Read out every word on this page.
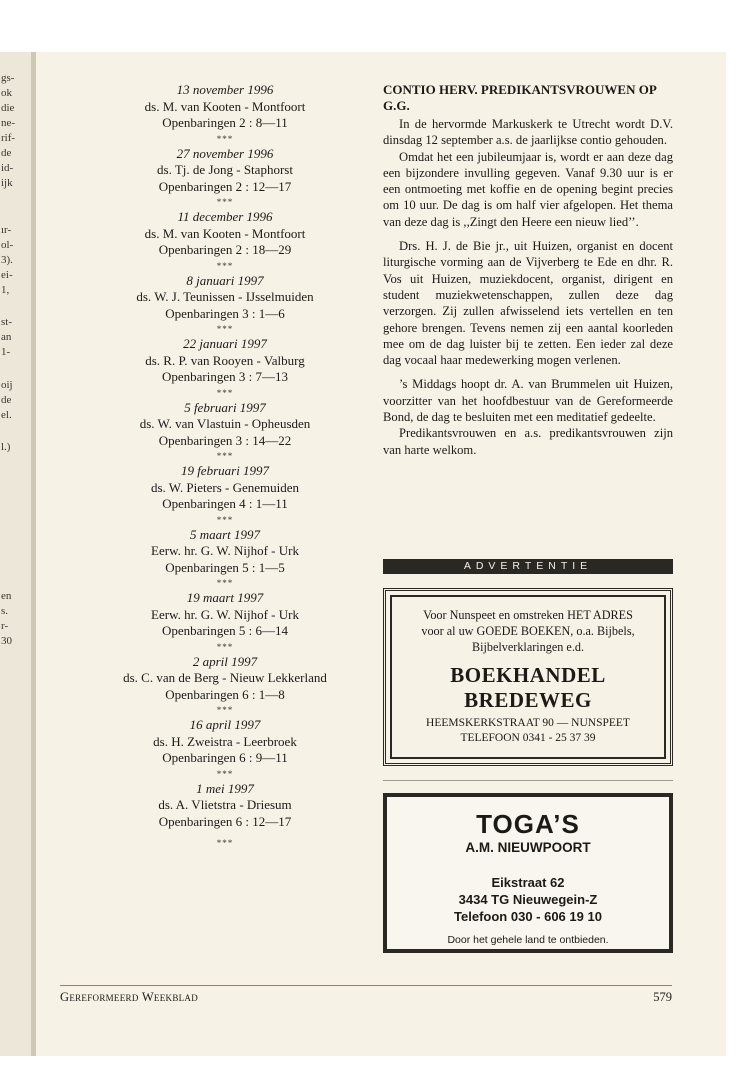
gs-
ok
die
ne-
rif-
de
id-
ijk
ır-
ol-
3).
ei-
1,
st-
an
1-
oij
de
el.
l.)
en
s.
r-
30
13 november 1996
ds. M. van Kooten - Montfoort
Openbaringen 2 : 8—11
***
27 november 1996
ds. Tj. de Jong - Staphorst
Openbaringen 2 : 12—17
***
11 december 1996
ds. M. van Kooten - Montfoort
Openbaringen 2 : 18—29
***
8 januari 1997
ds. W. J. Teunissen - IJsselmuiden
Openbaringen 3 : 1—6
***
22 januari 1997
ds. R. P. van Rooyen - Valburg
Openbaringen 3 : 7—13
***
5 februari 1997
ds. W. van Vlastuin - Opheusden
Openbaringen 3 : 14—22
***
19 februari 1997
ds. W. Pieters - Genemuiden
Openbaringen 4 : 1—11
***
5 maart 1997
Eerw. hr. G. W. Nijhof - Urk
Openbaringen 5 : 1—5
***
19 maart 1997
Eerw. hr. G. W. Nijhof - Urk
Openbaringen 5 : 6—14
***
2 april 1997
ds. C. van de Berg - Nieuw Lekkerland
Openbaringen 6 : 1—8
***
16 april 1997
ds. H. Zweistra - Leerbroek
Openbaringen 6 : 9—11
***
1 mei 1997
ds. A. Vlietstra - Driesum
Openbaringen 6 : 12—17
***
CONTIO HERV. PREDIKANTSVROUWEN OP G.G.

In de hervormde Markuskerk te Utrecht wordt D.V. dinsdag 12 september a.s. de jaarlijkse contio gehouden.

Omdat het een jubileumjaar is, wordt er aan deze dag een bijzondere invulling gegeven. Vanaf 9.30 uur is er een ontmoeting met koffie en de opening begint precies om 10 uur. De dag is om half vier afgelopen. Het thema van deze dag is ,,Zingt den Heere een nieuw lied’’.

Drs. H. J. de Bie jr., uit Huizen, organist en docent liturgische vorming aan de Vijverberg te Ede en dhr. R. Vos uit Huizen, muziekdocent, organist, dirigent en student muziekwetenschappen, zullen deze dag verzorgen. Zij zullen afwisselend iets vertellen en ten gehore brengen. Tevens nemen zij een aantal koorleden mee om de dag luister bij te zetten. Een ieder zal deze dag vocaal haar medewerking mogen verlenen.

’s Middags hoopt dr. A. van Brummelen uit Huizen, voorzitter van het hoofdbestuur van de Gereformeerde Bond, de dag te besluiten met een meditatief gedeelte.

Predikantsvrouwen en a.s. predikantsvrouwen zijn van harte welkom.

ADVERTENTIE
Voor Nunspeet en omstreken HET ADRES
voor al uw GOEDE BOEKEN, o.a. Bijbels,
Bijbelverklaringen e.d.
BOEKHANDEL
BREDEWEG
HEEMSKERKSTRAAT 90 — NUNSPEET
TELEFOON 0341 - 25 37 39
TOGA’S
A.M. NIEUWPOORT
Eikstraat 62
3434 TG Nieuwegein-Z
Telefoon 030 - 606 19 10
Door het gehele land te ontbieden.
Gereformeerd Weekblad	579
